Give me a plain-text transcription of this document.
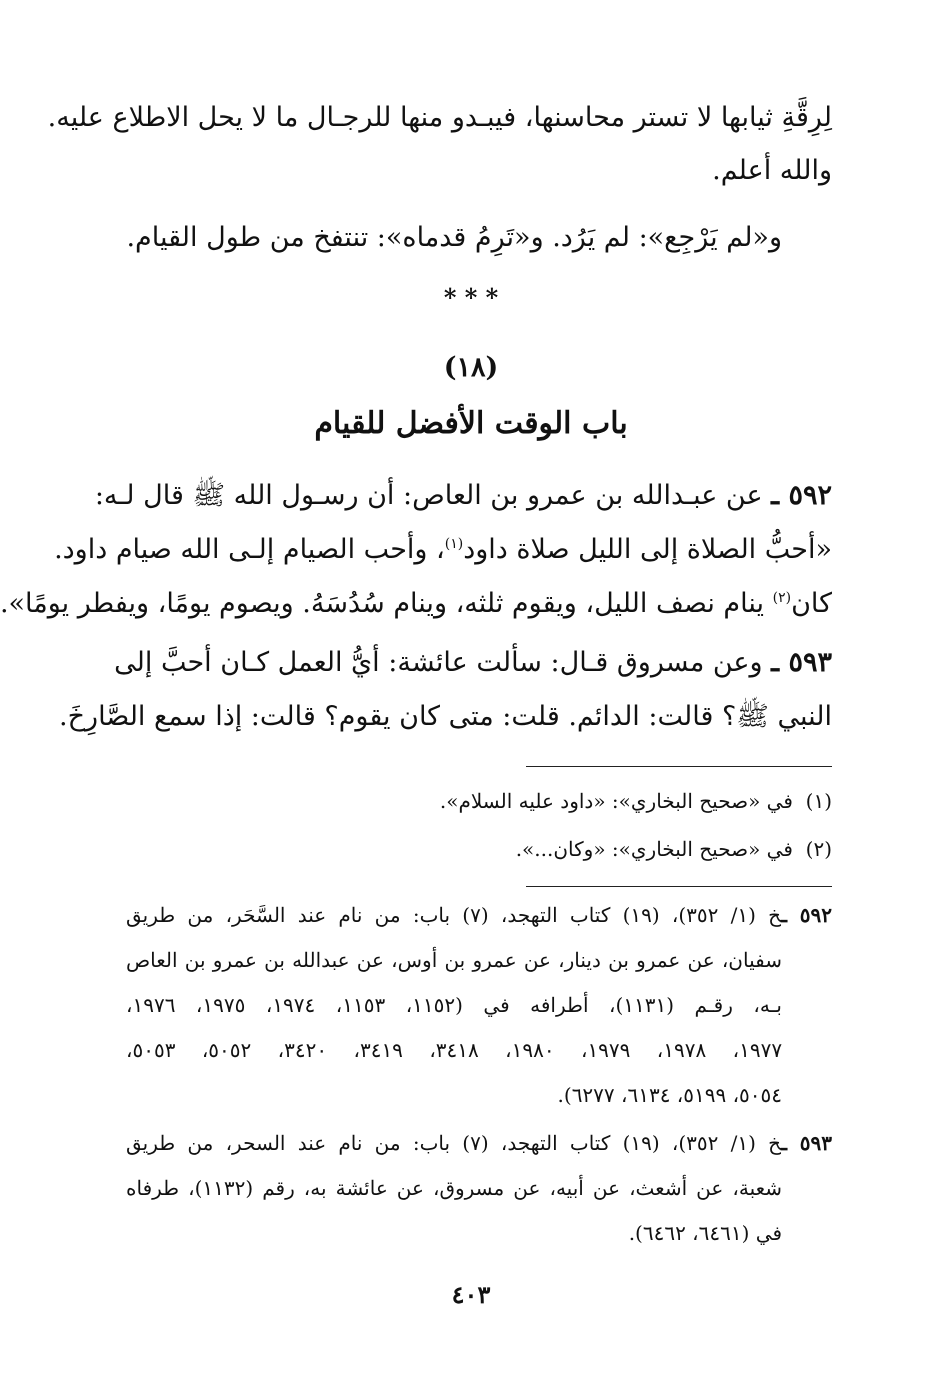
لِرِقَّةِ ثيابها لا تستر محاسنها، فيبـدو منها للرجـال ما لا يحل الاطلاع عليه.
والله أعلم.
و«لم يَرْجِع»: لم يَرُد. و«تَرِمُ قدماه»: تنتفخ من طول القيام.
* * *
(١٨)
باب الوقت الأفضل للقيام
٥٩٢ ـ عن عبـدالله بن عمرو بن العاص: أن رسـول الله ﷺ قال لـه:
«أحبُّ الصلاة إلى الليل صلاة داود$^{(١)}$، وأحب الصيام إلـى الله صيام داود.
كان$^{(٢)}$ ينام نصف الليل، ويقوم ثلثه، وينام سُدُسَهُ. ويصوم يومًا، ويفطر يومًا».
٥٩٣ ـ وعن مسروق قـال: سألت عائشة: أيُّ العمل كـان أحبَّ إلى
النبي ﷺ؟ قالت: الدائم. قلت: متى كان يقوم؟ قالت: إذا سمع الصَّارِخَ.
(١)  في «صحيح البخاري»: «داود عليه السلام».
(٢)  في «صحيح البخاري»: «وكان...».
٥٩٢ ـخ (١/ ٣٥٢)، (١٩) كتاب التهجد، (٧) باب: من نام عند السَّحَر، من طريق
سفيان، عن عمرو بن دينار، عن عمرو بن أوس، عن عبدالله بن عمرو بن العاص
بـه، رقـم (١١٣١)، أطرافه في (١١٥٢، ١١٥٣، ١٩٧٤، ١٩٧٥، ١٩٧٦،
١٩٧٧، ١٩٧٨، ١٩٧٩، ١٩٨٠، ٣٤١٨، ٣٤١٩، ٣٤٢٠، ٥٠٥٢، ٥٠٥٣،
٥٠٥٤، ٥١٩٩، ٦١٣٤، ٦٢٧٧).
٥٩٣ ـخ (١/ ٣٥٢)، (١٩) كتاب التهجد، (٧) باب: من نام عند السحر، من طريق
شعبة، عن أشعث، عن أبيه، عن مسروق، عن عائشة به، رقم (١١٣٢)، طرفاه
في (٦٤٦١، ٦٤٦٢).
٤٠٣
